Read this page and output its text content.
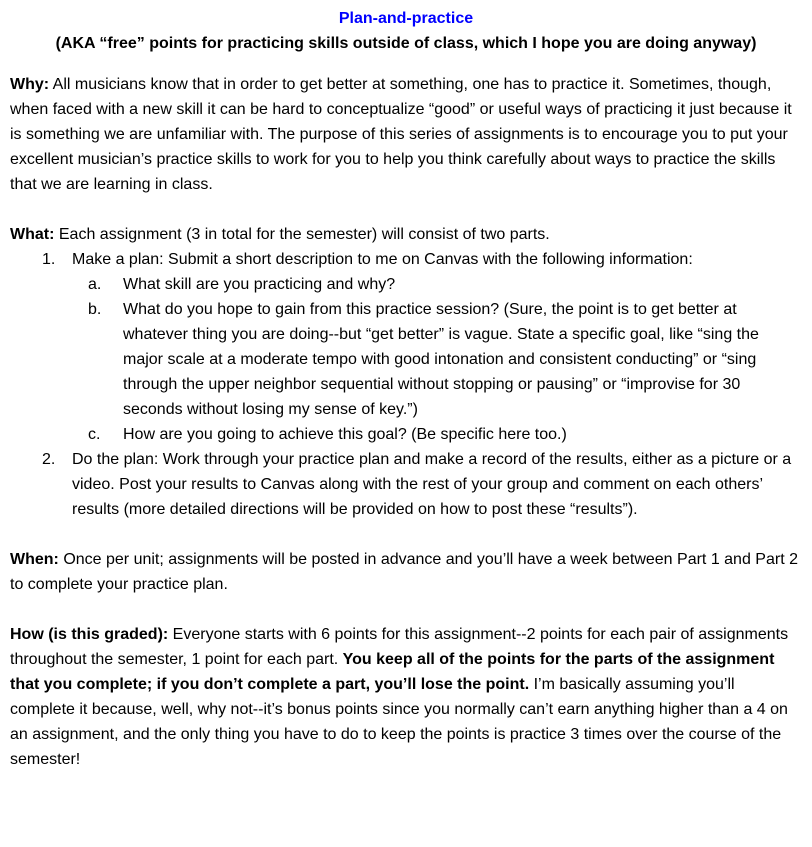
Plan-and-practice
(AKA “free” points for practicing skills outside of class, which I hope you are doing anyway)

Why: All musicians know that in order to get better at something, one has to practice it. Sometimes, though, when faced with a new skill it can be hard to conceptualize “good” or useful ways of practicing it just because it is something we are unfamiliar with. The purpose of this series of assignments is to encourage you to put your excellent musician’s practice skills to work for you to help you think carefully about ways to practice the skills that we are learning in class.

What: Each assignment (3 in total for the semester) will consist of two parts.

1.	Make a plan: Submit a short description to me on Canvas with the following information:
a.	What skill are you practicing and why?
b.	What do you hope to gain from this practice session? (Sure, the point is to get better at whatever thing you are doing--but “get better” is vague. State a specific goal, like “sing the major scale at a moderate tempo with good intonation and consistent conducting” or “sing through the upper neighbor sequential without stopping or pausing” or “improvise for 30 seconds without losing my sense of key.”)
c.	How are you going to achieve this goal? (Be specific here too.)
2.	Do the plan: Work through your practice plan and make a record of the results, either as a picture or a video. Post your results to Canvas along with the rest of your group and comment on each others’ results (more detailed directions will be provided on how to post these “results”).

When: Once per unit; assignments will be posted in advance and you’ll have a week between Part 1 and Part 2 to complete your practice plan.

How (is this graded): Everyone starts with 6 points for this assignment--2 points for each pair of assignments throughout the semester, 1 point for each part. You keep all of the points for the parts of the assignment that you complete; if you don’t complete a part, you’ll lose the point. I’m basically assuming you’ll complete it because, well, why not--it’s bonus points since you normally can’t earn anything higher than a 4 on an assignment, and the only thing you have to do to keep the points is practice 3 times over the course of the semester!
